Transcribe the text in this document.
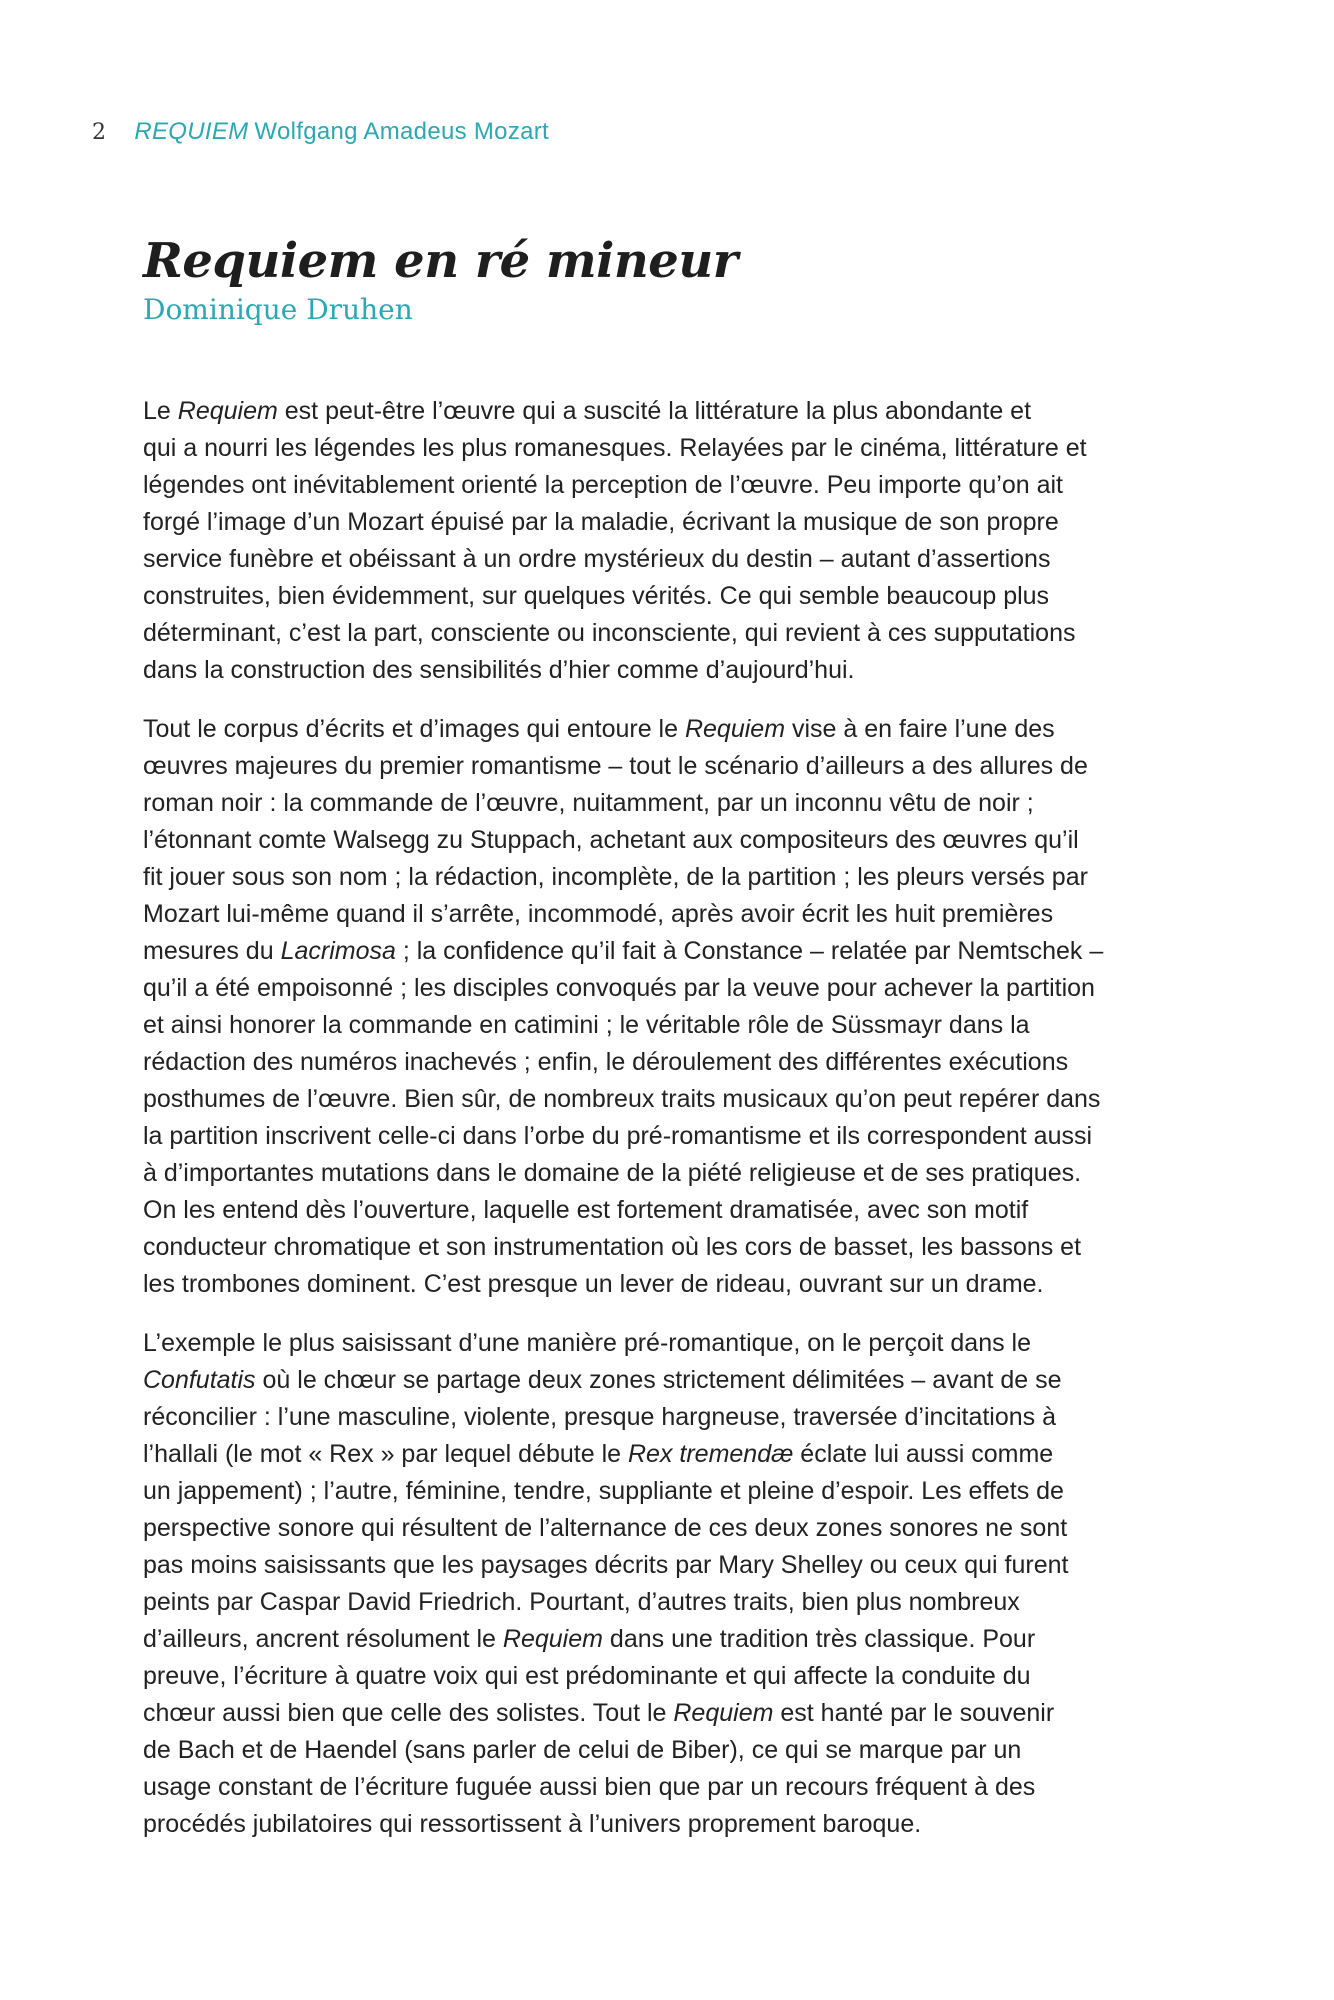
2 REQUIEM Wolfgang Amadeus Mozart
Requiem en ré mineur
Dominique Druhen

Le Requiem est peut-être l’œuvre qui a suscité la littérature la plus abondante et
qui a nourri les légendes les plus romanesques. Relayées par le cinéma, littérature et
légendes ont inévitablement orienté la perception de l’œuvre. Peu importe qu’on ait
forgé l’image d’un Mozart épuisé par la maladie, écrivant la musique de son propre
service funèbre et obéissant à un ordre mystérieux du destin – autant d’assertions
construites, bien évidemment, sur quelques vérités. Ce qui semble beaucoup plus
déterminant, c’est la part, consciente ou inconsciente, qui revient à ces supputations
dans la construction des sensibilités d’hier comme d’aujourd’hui.

Tout le corpus d’écrits et d’images qui entoure le Requiem vise à en faire l’une des
œuvres majeures du premier romantisme – tout le scénario d’ailleurs a des allures de
roman noir : la commande de l’œuvre, nuitamment, par un inconnu vêtu de noir ;
l’étonnant comte Walsegg zu Stuppach, achetant aux compositeurs des œuvres qu’il
fit jouer sous son nom ; la rédaction, incomplète, de la partition ; les pleurs versés par
Mozart lui-même quand il s’arrête, incommodé, après avoir écrit les huit premières
mesures du Lacrimosa ; la confidence qu’il fait à Constance – relatée par Nemtschek –
qu’il a été empoisonné ; les disciples convoqués par la veuve pour achever la partition
et ainsi honorer la commande en catimini ; le véritable rôle de Süssmayr dans la
rédaction des numéros inachevés ; enfin, le déroulement des différentes exécutions
posthumes de l’œuvre. Bien sûr, de nombreux traits musicaux qu’on peut repérer dans
la partition inscrivent celle-ci dans l’orbe du pré-romantisme et ils correspondent aussi
à d’importantes mutations dans le domaine de la piété religieuse et de ses pratiques.
On les entend dès l’ouverture, laquelle est fortement dramatisée, avec son motif
conducteur chromatique et son instrumentation où les cors de basset, les bassons et
les trombones dominent. C’est presque un lever de rideau, ouvrant sur un drame.

L’exemple le plus saisissant d’une manière pré-romantique, on le perçoit dans le
Confutatis où le chœur se partage deux zones strictement délimitées – avant de se
réconcilier : l’une masculine, violente, presque hargneuse, traversée d’incitations à
l’hallali (le mot « Rex » par lequel débute le Rex tremendæ éclate lui aussi comme
un jappement) ; l’autre, féminine, tendre, suppliante et pleine d’espoir. Les effets de
perspective sonore qui résultent de l’alternance de ces deux zones sonores ne sont
pas moins saisissants que les paysages décrits par Mary Shelley ou ceux qui furent
peints par Caspar David Friedrich. Pourtant, d’autres traits, bien plus nombreux
d’ailleurs, ancrent résolument le Requiem dans une tradition très classique. Pour
preuve, l’écriture à quatre voix qui est prédominante et qui affecte la conduite du
chœur aussi bien que celle des solistes. Tout le Requiem est hanté par le souvenir
de Bach et de Haendel (sans parler de celui de Biber), ce qui se marque par un
usage constant de l’écriture fuguée aussi bien que par un recours fréquent à des
procédés jubilatoires qui ressortissent à l’univers proprement baroque.
